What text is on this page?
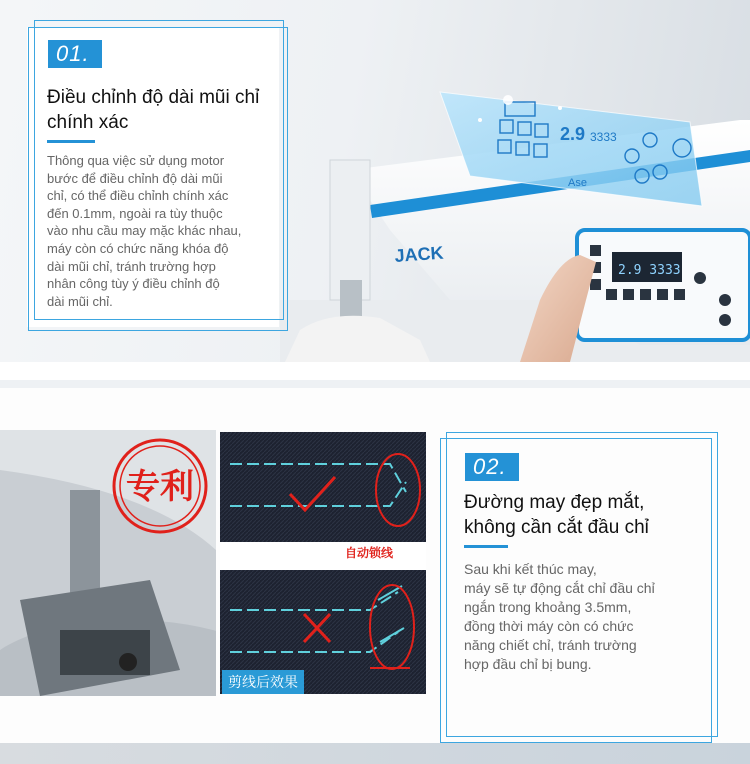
JACK
2.9 3333
2.9 3333
Ase
01.
Điều chỉnh độ dài mũi chỉ
chính xác
Thông qua việc sử dụng motor
bước để điều chỉnh độ dài mũi
chỉ, có thể điều chỉnh chính xác
đến 0.1mm, ngoài ra tùy thuộc
vào nhu cầu may mặc khác nhau,
máy còn có chức năng khóa độ
dài mũi chỉ, tránh trường hợp
nhân công tùy ý điều chỉnh độ
dài mũi chỉ.
专利
自动锁线
剪线后效果
02.
Đường may đẹp mắt,
không cần cắt đầu chỉ
Sau khi kết thúc may,
máy sẽ tự động cắt chỉ đầu chỉ
ngắn trong khoảng 3.5mm,
đồng thời máy còn có chức
năng chiết chỉ, tránh trường
hợp đầu chỉ bị bung.
